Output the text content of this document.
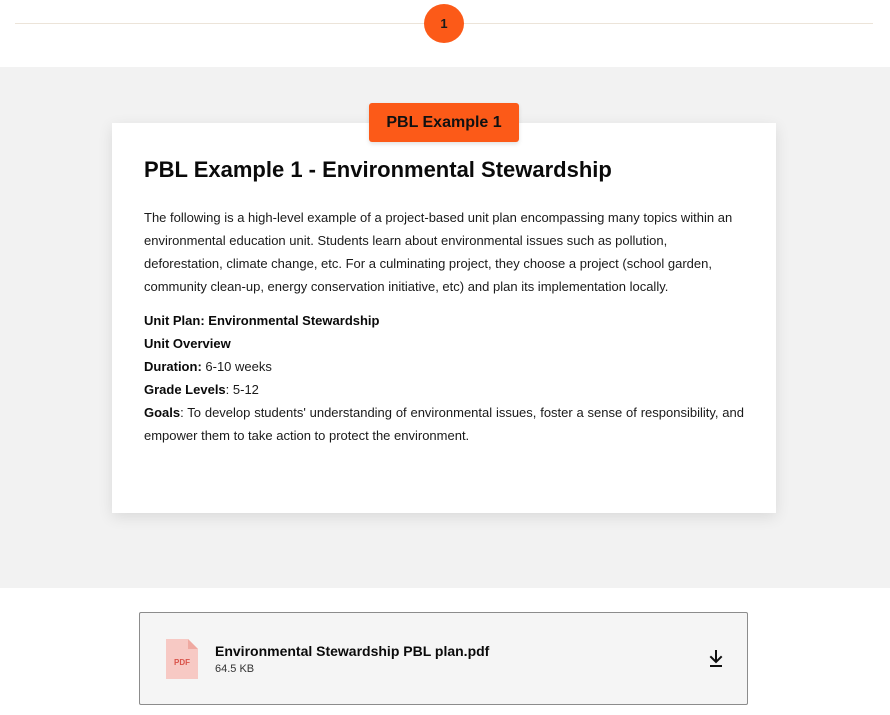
1
PBL Example 1
PBL Example 1 - Environmental Stewardship

The following is a high-level example of a project-based unit plan encompassing many topics within an environmental education unit. Students learn about environmental issues such as pollution, deforestation, climate change, etc. For a culminating project, they choose a project (school garden, community clean-up, energy conservation initiative, etc) and plan its implementation locally.

Unit Plan: Environmental Stewardship
Unit Overview
Duration: 6-10 weeks
Grade Levels: 5-12
Goals: To develop students' understanding of environmental issues, foster a sense of responsibility, and empower them to take action to protect the environment.
PDF
Environmental Stewardship PBL plan.pdf
64.5 KB
